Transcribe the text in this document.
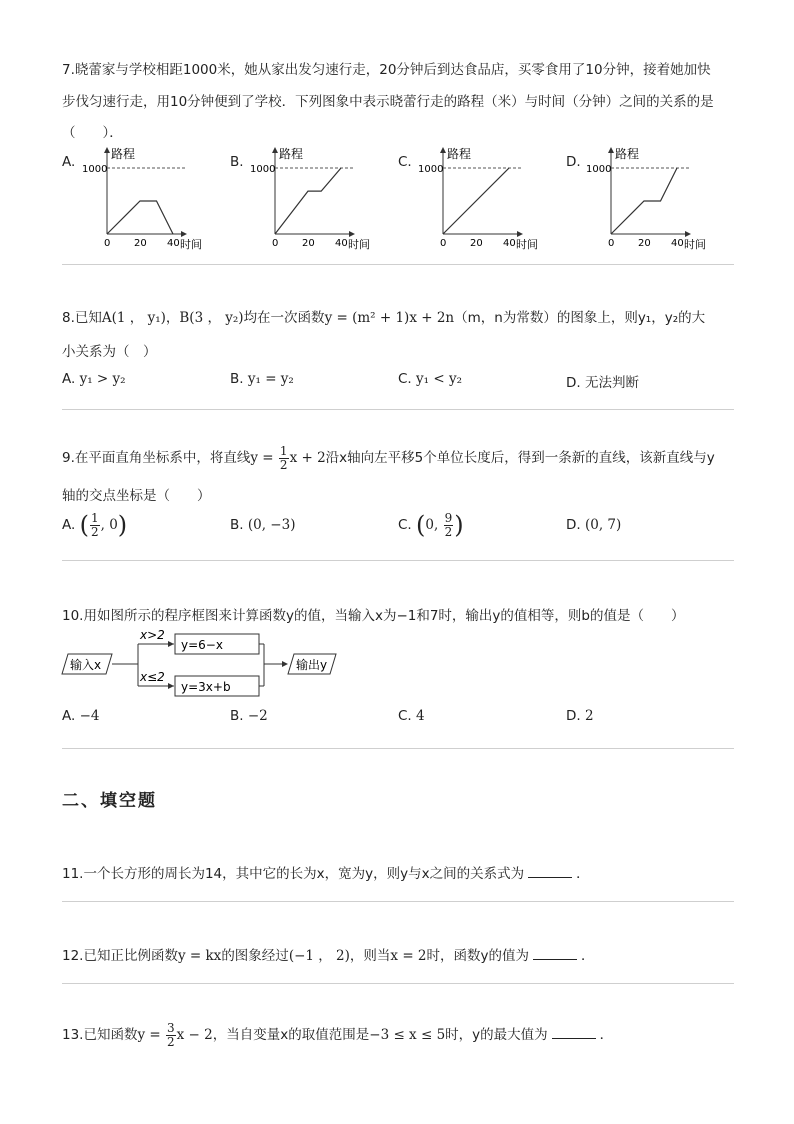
7.晓蕾家与学校相距1000米，她从家出发匀速行走，20分钟后到达食品店，买零食用了10分钟，接着她加快
步伐匀速行走，用10分钟便到了学校．下列图象中表示晓蕾行走的路程（米）与时间（分钟）之间的关系的是
（　　）．
A.	路程
1000
时间
0 20 40
B.	路程
1000
时间
0 20 40
C.	路程
1000
时间
0 20 40
D.	路程
1000
时间
0 20 40
8.已知A(1 ， y₁)，B(3 ， y₂)均在一次函数y = (m² + 1)x + 2n（m，n为常数）的图象上，则y₁，y₂的大
小关系为（　）
A. y₁ > y₂	B. y₁ = y₂	C. y₁ < y₂	D. 无法判断
9.在平面直角坐标系中，将直线$y = \frac{1}{2}$ x + 2沿x轴向左平移5个单位长度后，得到一条新的直线，该新直线与y
轴的交点坐标是（　　）
A. ( $\frac{1}{2}$ , 0)	B. (0, −3)	C. (0, $\frac{9}{2}$ )	D. (0, 7)
10.用如图所示的程序框图来计算函数y的值，当输入x为−1和7时，输出y的值相等，则b的值是（　　）
输入x
x>2
x≤2
y=6−x
y=3x+b
输出y
A. −4	B. −2	C. 4	D. 2
二、填空题
11.一个长方形的周长为14，其中它的长为x，宽为y，则y与x之间的关系式为	．
12.已知正比例函数y = kx的图象经过(−1 ， 2)，则当x = 2时，函数y的值为	．
13.已知函数$y = \frac{3}{2}$ x − 2，当自变量x的取值范围是−3 ≤ x ≤ 5时，y的最大值为	．
